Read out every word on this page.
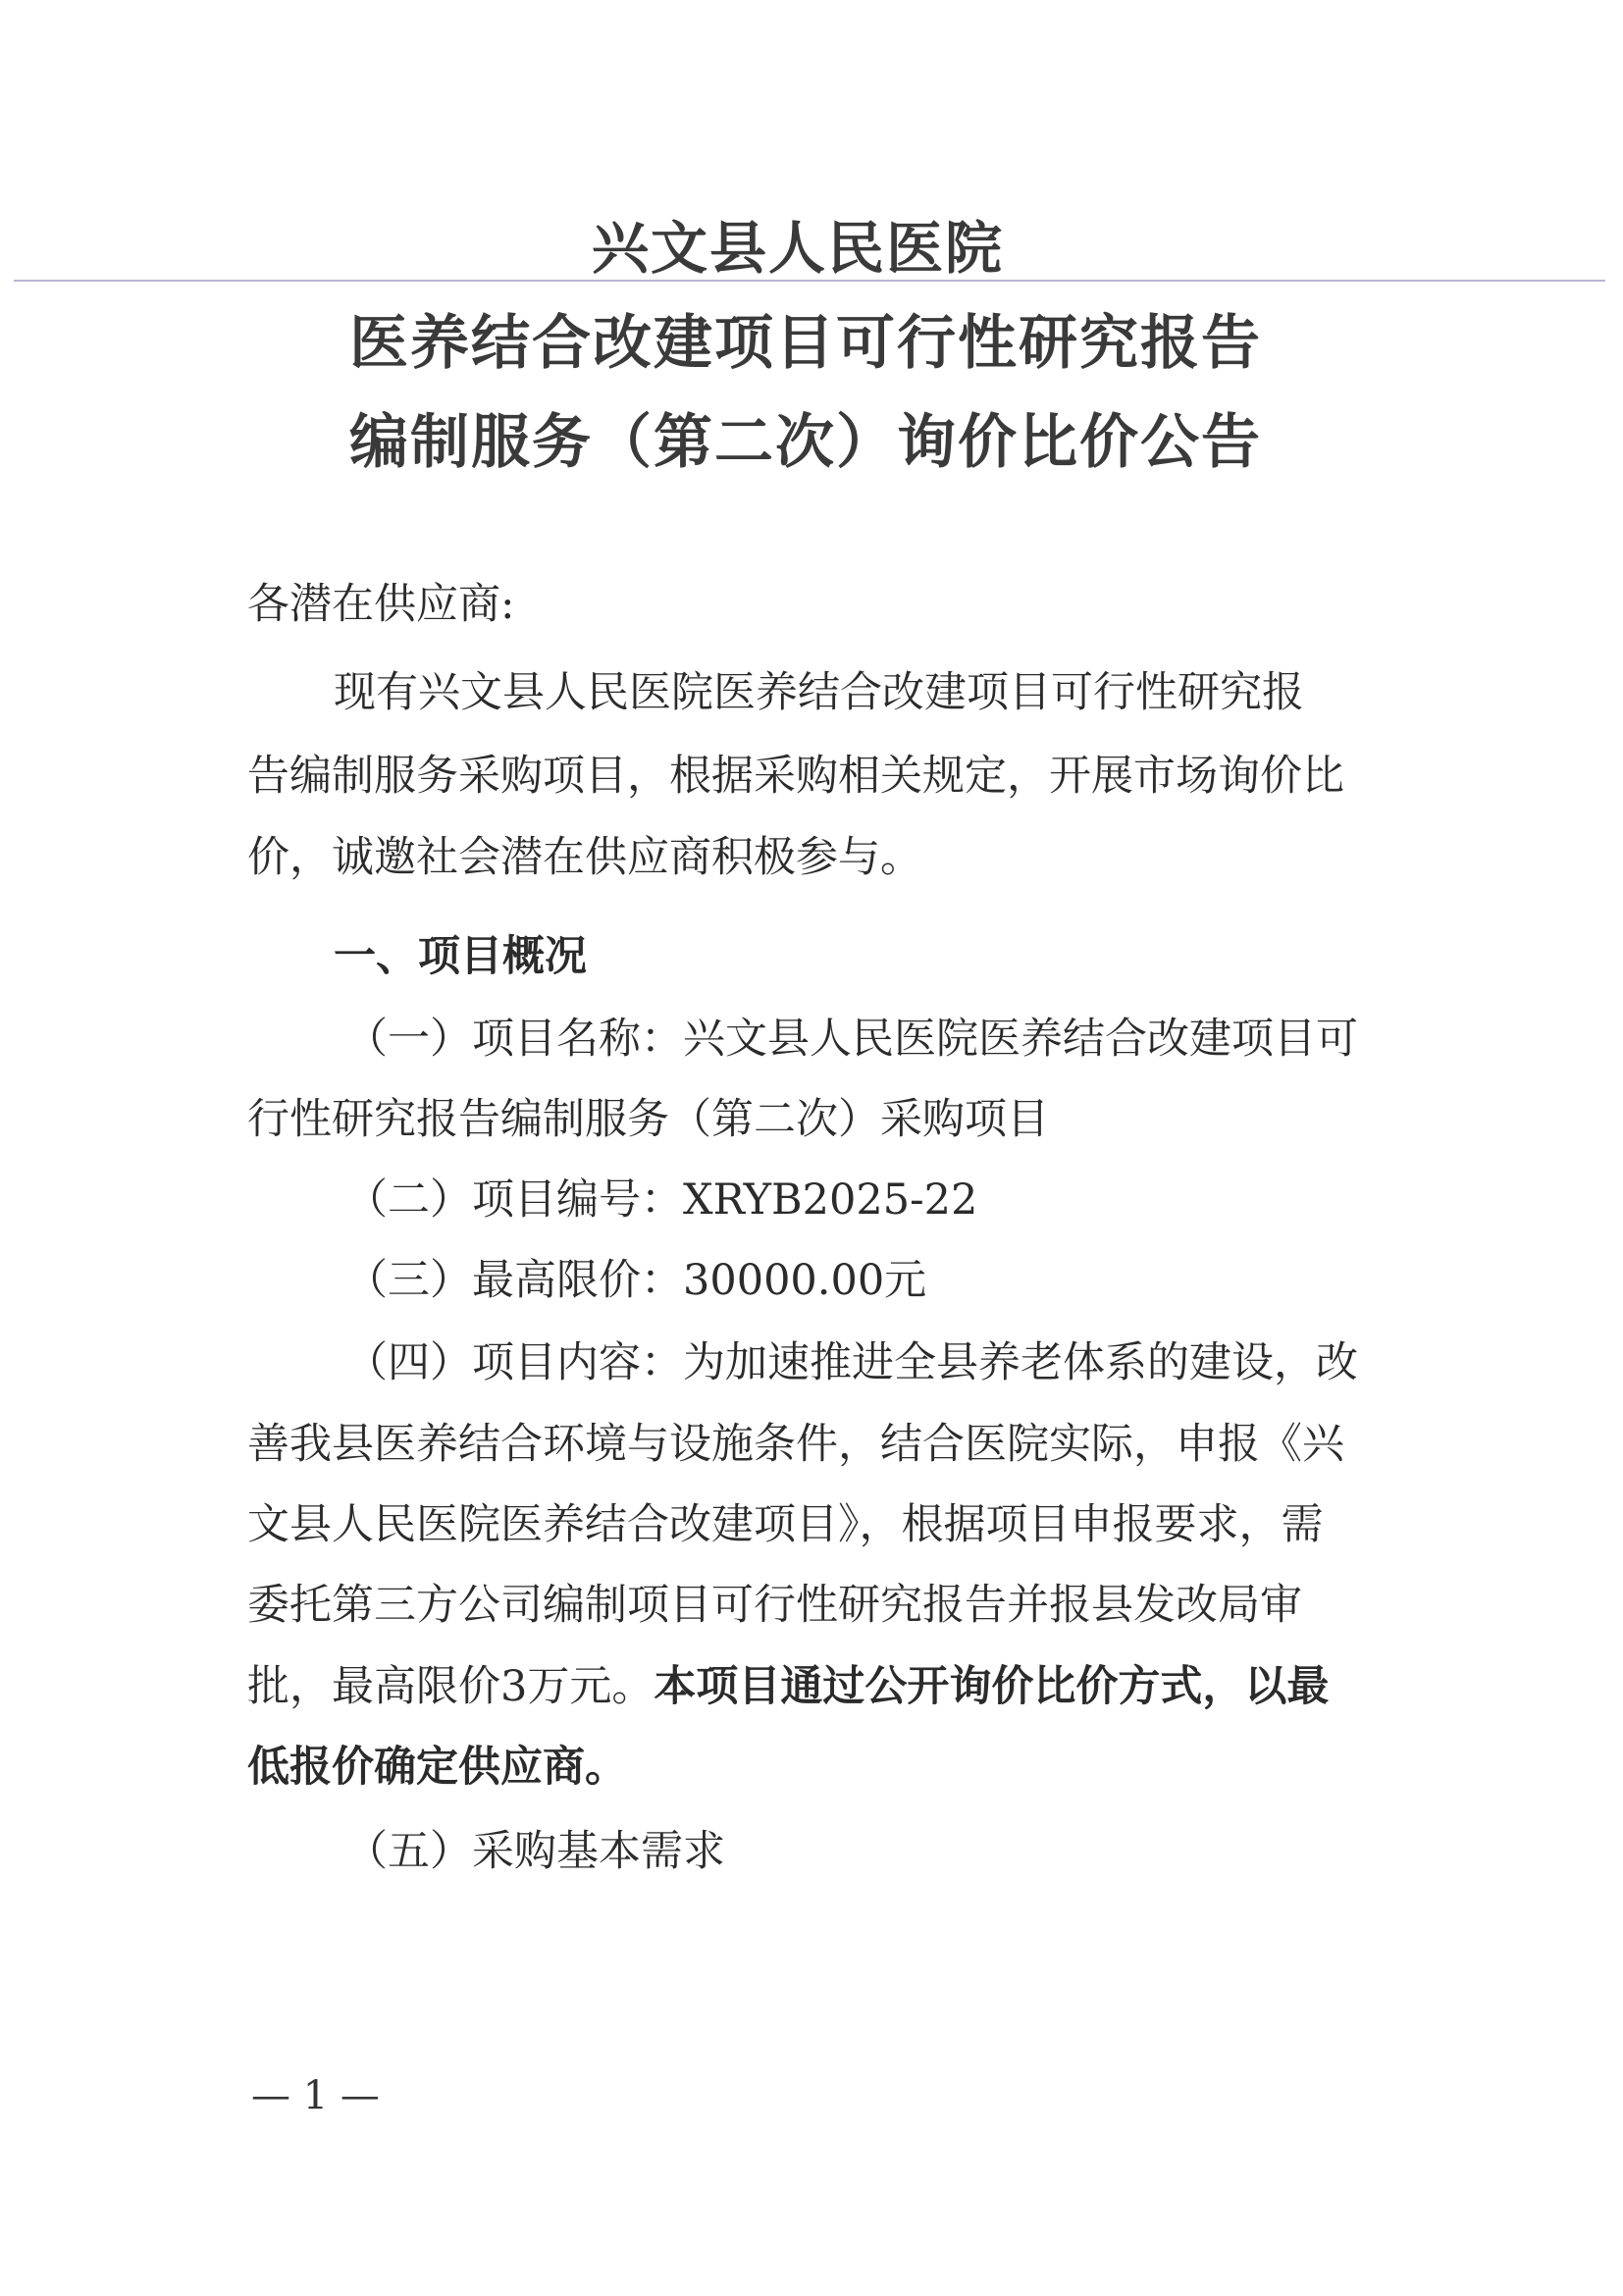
兴文县人民医院
医养结合改建项目可行性研究报告
编制服务（第二次）询价比价公告
各潜在供应商:
现有兴文县人民医院医养结合改建项目可行性研究报
告编制服务采购项目，根据采购相关规定，开展市场询价比
价，诚邀社会潜在供应商积极参与。
一、项目概况
（一）项目名称：兴文县人民医院医养结合改建项目可
行性研究报告编制服务（第二次）采购项目
（二）项目编号：XRYB2025-22
（三）最高限价：30000.00元
（四）项目内容：为加速推进全县养老体系的建设，改
善我县医养结合环境与设施条件，结合医院实际，申报《兴
文县人民医院医养结合改建项目》，根据项目申报要求，需
委托第三方公司编制项目可行性研究报告并报县发改局审
批，最高限价3万元。本项目通过公开询价比价方式，以最
低报价确定供应商。
（五）采购基本需求
— 1 —
